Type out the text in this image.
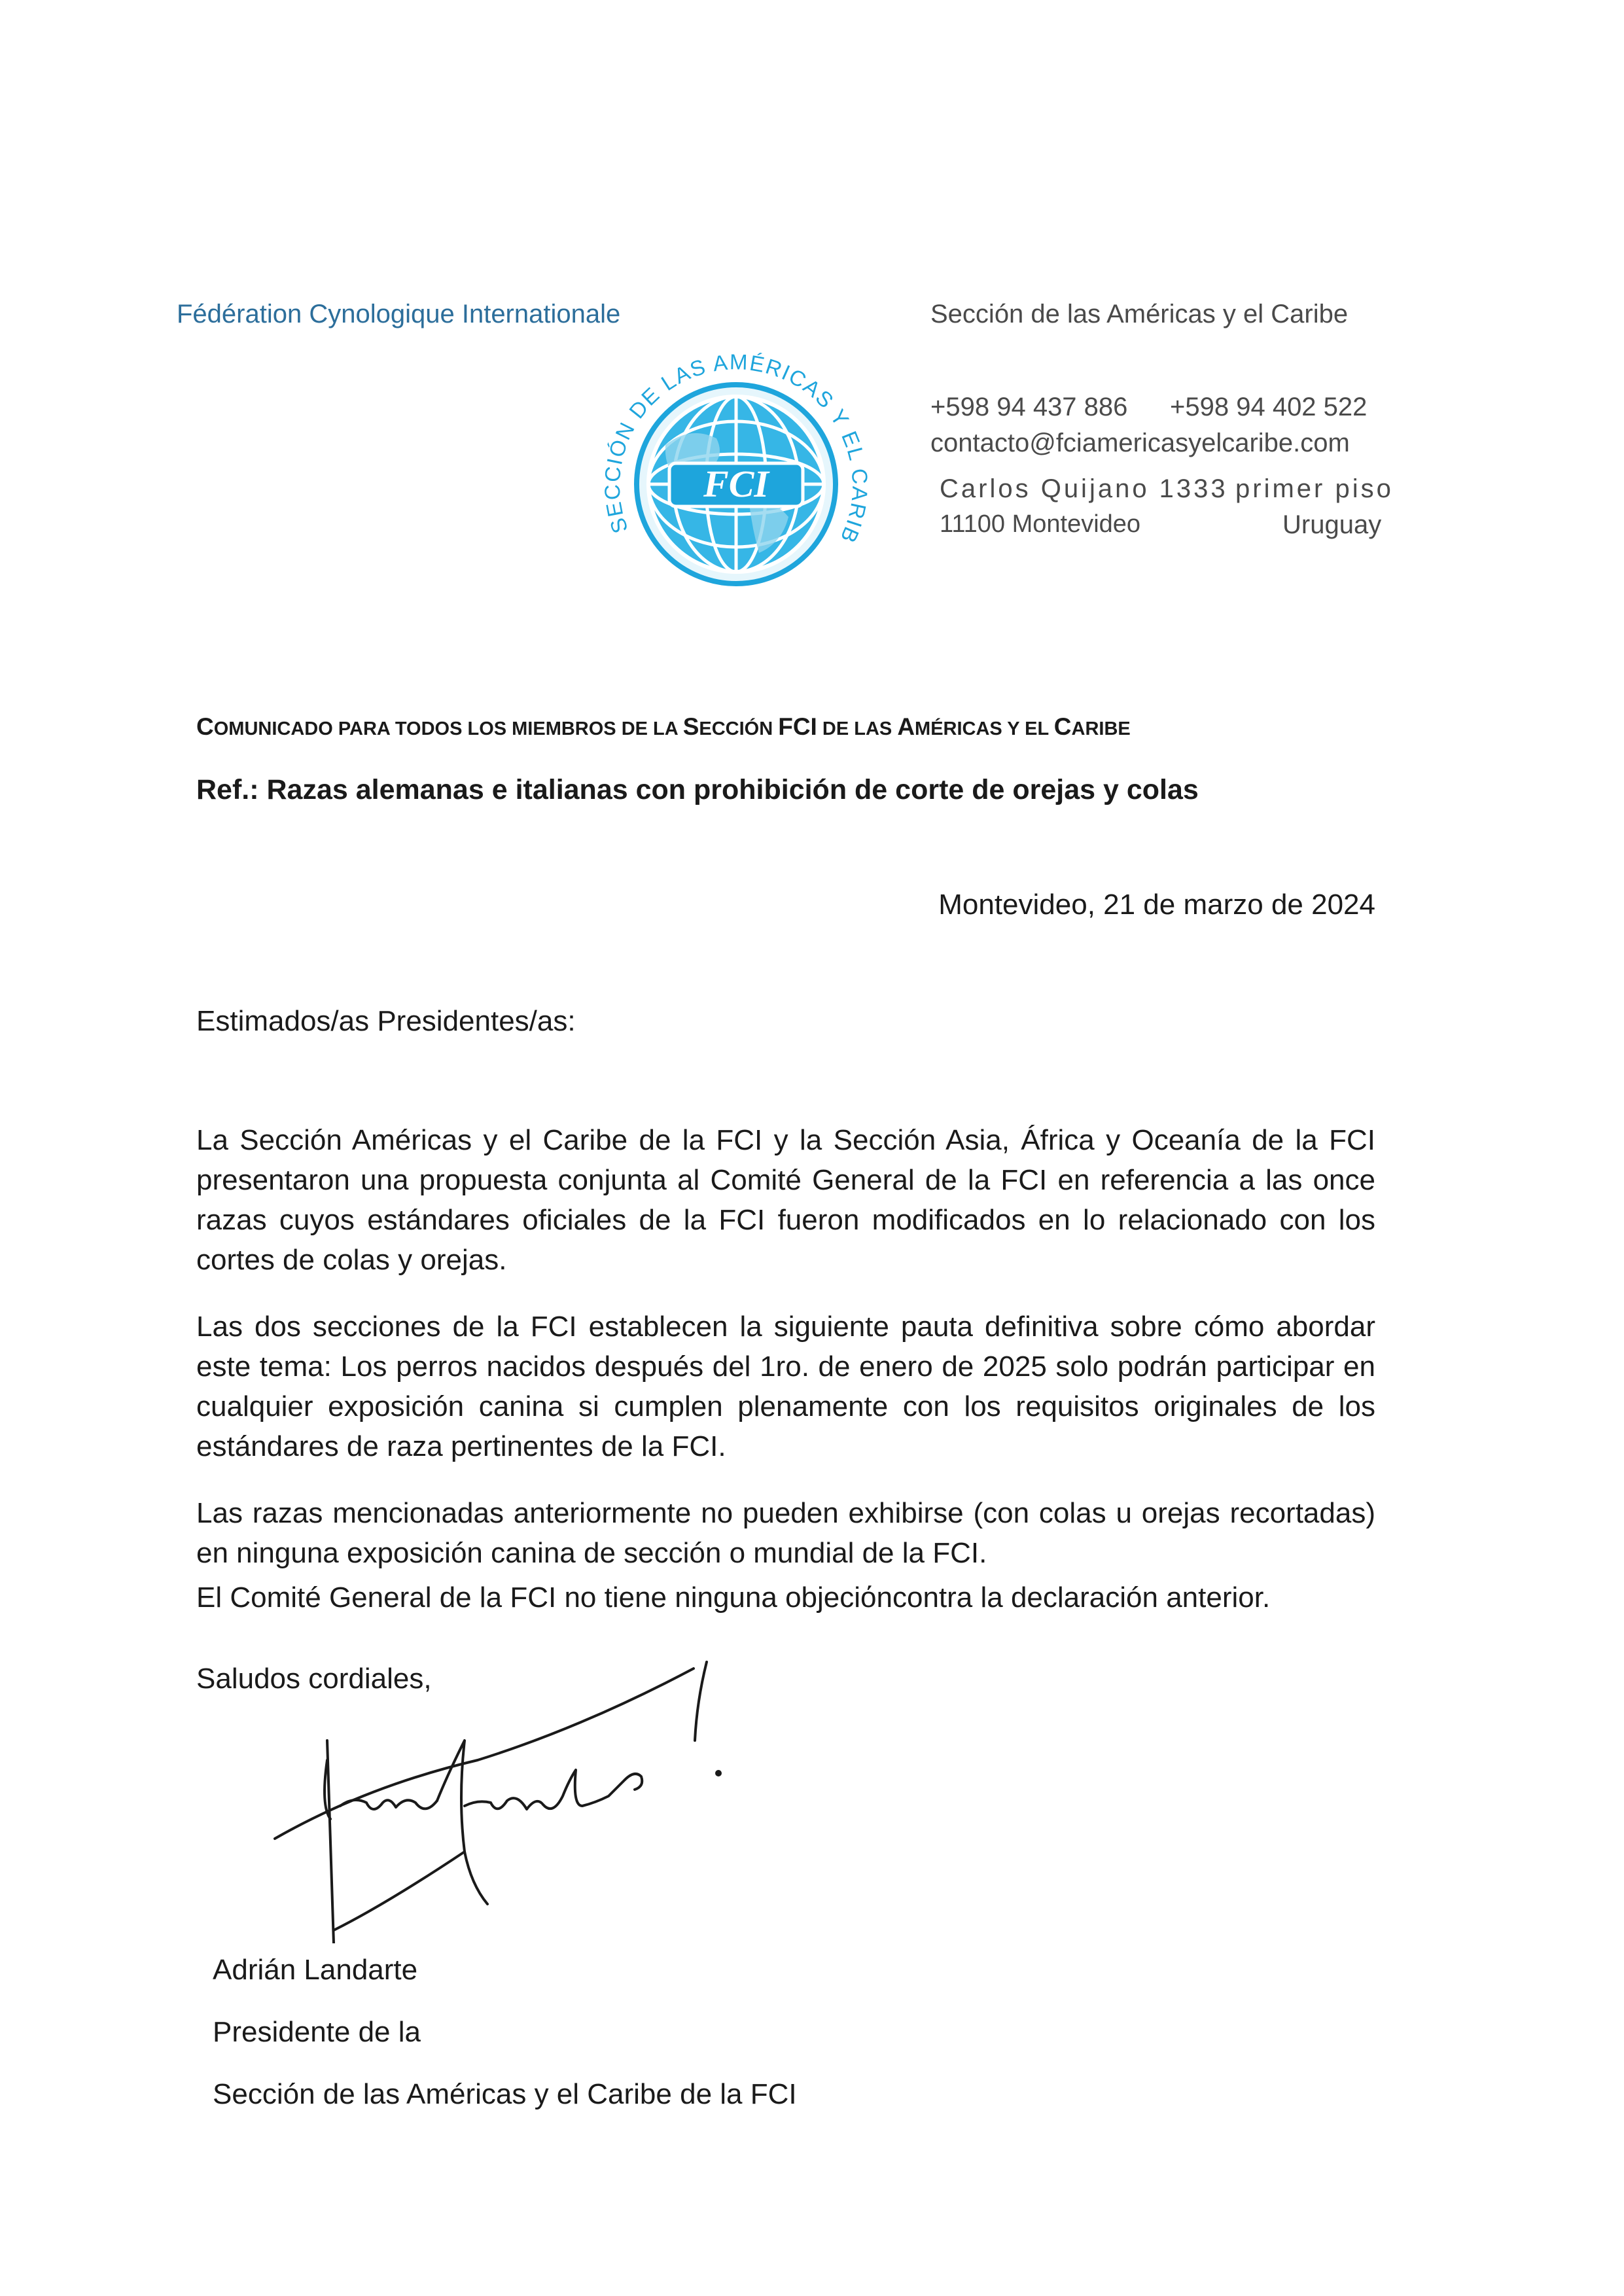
Fédération Cynologique Internationale
SECCIÓN DE LAS AMÉRICAS Y EL CARIB
FCI
Sección de las Américas y el Caribe
+598 94 437 886 +598 94 402 522
contacto@fciamericasyelcaribe.com
Carlos Quijano 1333 primer piso
11100 Montevideo	Uruguay
COMUNICADO PARA TODOS LOS MIEMBROS DE LA SECCIÓN FCI DE LAS AMÉRICAS Y EL CARIBE
Ref.: Razas alemanas e italianas con prohibición de corte de orejas y colas
Montevideo, 21 de marzo de 2024
Estimados/as Presidentes/as:
La Sección Américas y el Caribe de la FCI y la Sección Asia, África y Oceanía de la FCI presentaron una propuesta conjunta al Comité General de la FCI en referencia a las once razas cuyos estándares oficiales de la FCI fueron modificados en lo relacionado con los cortes de colas y orejas.
Las dos secciones de la FCI establecen la siguiente pauta definitiva sobre cómo abordar este tema: Los perros nacidos después del 1ro. de enero de 2025 solo podrán participar en cualquier exposición canina si cumplen plenamente con los requisitos originales de los estándares de raza pertinentes de la FCI.
Las razas mencionadas anteriormente no pueden exhibirse (con colas u orejas recortadas) en ninguna exposición canina de sección o mundial de la FCI.
El Comité General de la FCI no tiene ninguna objeciόncontra la declaración anterior.
Saludos cordiales,
Adrián Landarte
Presidente de la
Sección de las Américas y el Caribe de la FCI
